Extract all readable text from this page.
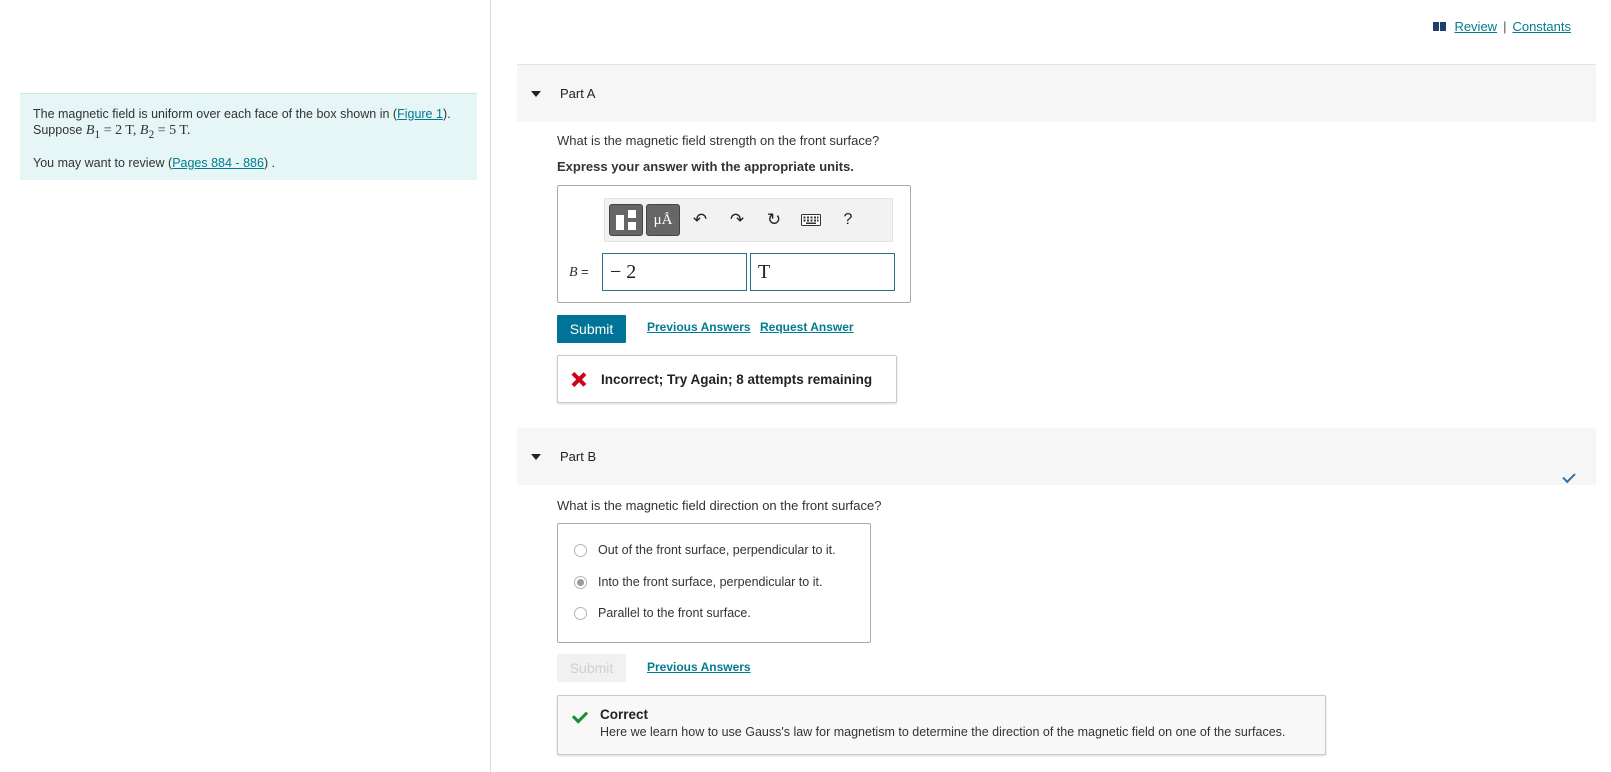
The magnetic field is uniform over each face of the box shown in (Figure 1). Suppose $B_1 = 2$ T, $B_2 = 5$ T.

You may want to review (Pages 884 - 886) .

Review | Constants
Part A
What is the magnetic field strength on the front surface?
Express your answer with the appropriate units.
μÅ	↶	↷	↻	?
B =	− 2	T
Submit	Previous Answers Request Answer
Incorrect; Try Again; 8 attempts remaining
Part B
What is the magnetic field direction on the front surface?
Out of the front surface, perpendicular to it.
Into the front surface, perpendicular to it.
Parallel to the front surface.
Submit	Previous Answers
Correct
Here we learn how to use Gauss's law for magnetism to determine the direction of the magnetic field on one of the surfaces.
